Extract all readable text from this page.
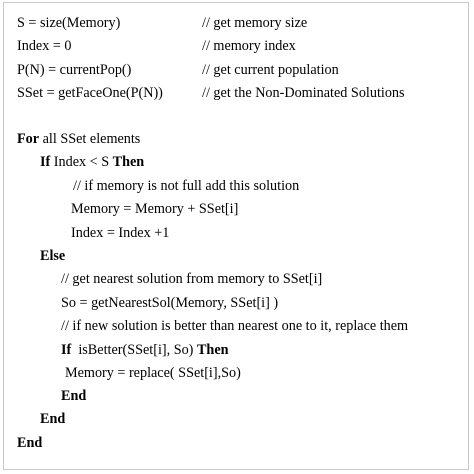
S = size(Memory)	// get memory size
Index = 0	// memory index
P(N) = currentPop()	// get current population
SSet = getFaceOne(P(N))	// get the Non-Dominated Solutions
For all SSet elements
If Index < S Then
// if memory is not full add this solution
Memory = Memory + SSet[i]
Index = Index +1
Else
// get nearest solution from memory to SSet[i]
So = getNearestSol(Memory, SSet[i] )
// if new solution is better than nearest one to it, replace them
If  isBetter(SSet[i], So) Then
Memory = replace( SSet[i],So)
End
End
End
